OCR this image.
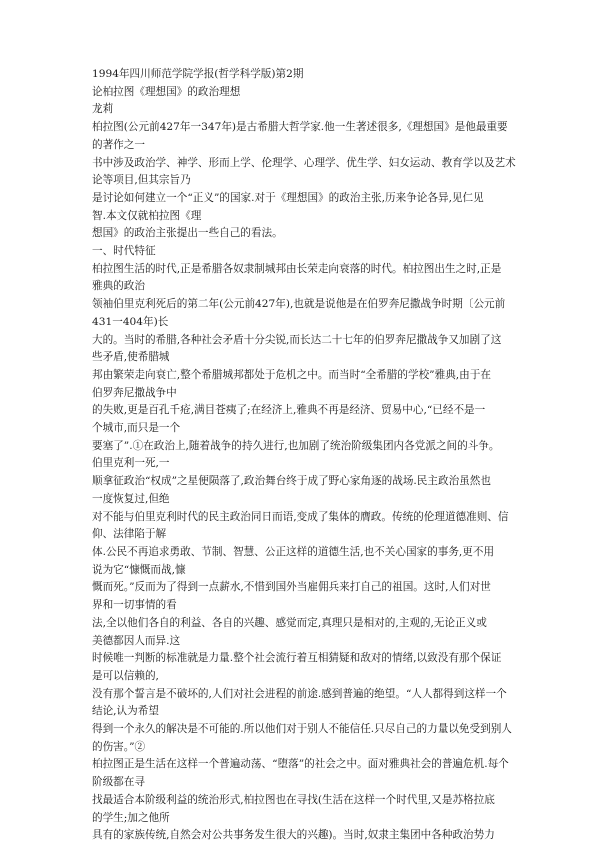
1994年四川师范学院学报(哲学科学版)第2期
论柏拉图《理想国》的政治理想
龙莉
柏拉图(公元前427年一347年)是古希腊大哲学家.他一生著述很多,《理想国》是他最重要
的著作之一
书中涉及政治学、神学、形而上学、伦理学、心理学、优生学、妇女运动、教育学以及艺术
论等项目,但其宗旨乃
是讨论如何建立一个“正义”的国家.对于《理想国》的政治主张,历来争论各异,见仁见
智.本文仅就柏拉图《理
想国》的政治主张提出一些自己的看法。
一、时代特征
柏拉图生活的时代,正是希腊各奴隶制城邦由长荣走向衰落的时代。柏拉图出生之时,正是
雅典的政治
领袖伯里克利死后的第二年(公元前427年),也就是说他是在伯罗奔尼撒战争时期〔公元前
431一404年)长
大的。当时的希腊,各种社会矛盾十分尖锐,而长达二十七年的伯罗奔尼撒战争又加剧了这
些矛盾,使希腊城
邦由繁荣走向衰亡,整个希腊城邦都处于危机之中。而当时“全希腊的学校”雅典,由于在
伯罗奔尼撒战争中
的失败,更是百孔千疮,满目苍痍了;在经济上,雅典不再是经济、贸易中心,“已经不是一
个城市,而只是一个
要塞了”.①在政治上,随着战争的持久进行,也加剧了统治阶级集团内各党派之间的斗争。
伯里克利一死,一
顺拿征政治“权成”之星便陨落了,政治舞台终于成了野心家角逐的战场.民主政治虽然也
一度恢复过,但绝
对不能与伯里克利时代的民主政治同日而语,变成了集体的膺政。传统的伦理道德准则、信
仰、法律陷于解
体.公民不再追求勇敢、节制、智慧、公正这样的道德生活,也不关心国家的事务,更不用
说为它“慷慨而战,慷
慨而死。”反而为了得到一点薪水,不惜到国外当雇佣兵来打自己的祖国。这时,人们对世
界和一切事情的看
法,全以他们各自的利益、各自的兴趣、感觉而定,真理只是相对的,主观的,无论正义或
美德都因人而异.这
时候唯一判断的标准就是力量.整个社会流行着互相猜疑和敌对的情绪,以致没有那个保证
是可以信赖的,
没有那个誓言是不破坏的,人们对社会进程的前途.感到普遍的绝望。“人人都得到这样一个
结论,认为希望
得到一个永久的解决是不可能的.所以他们对于别人不能信任.只尽自己的力量以免受到别人
的伤害。”②
柏拉图正是生活在这样一个普遍动荡、“堕落”的社会之中。面对雅典社会的普遍危机.每个
阶级都在寻
找最适合本阶级利益的统治形式,柏拉图也在寻找(生活在这样一个时代里,又是苏格拉底
的学生;加之他所
具有的家族传统,自然会对公共事务发生很大的兴趣)。当时,奴隶主集团中各种政治势力
